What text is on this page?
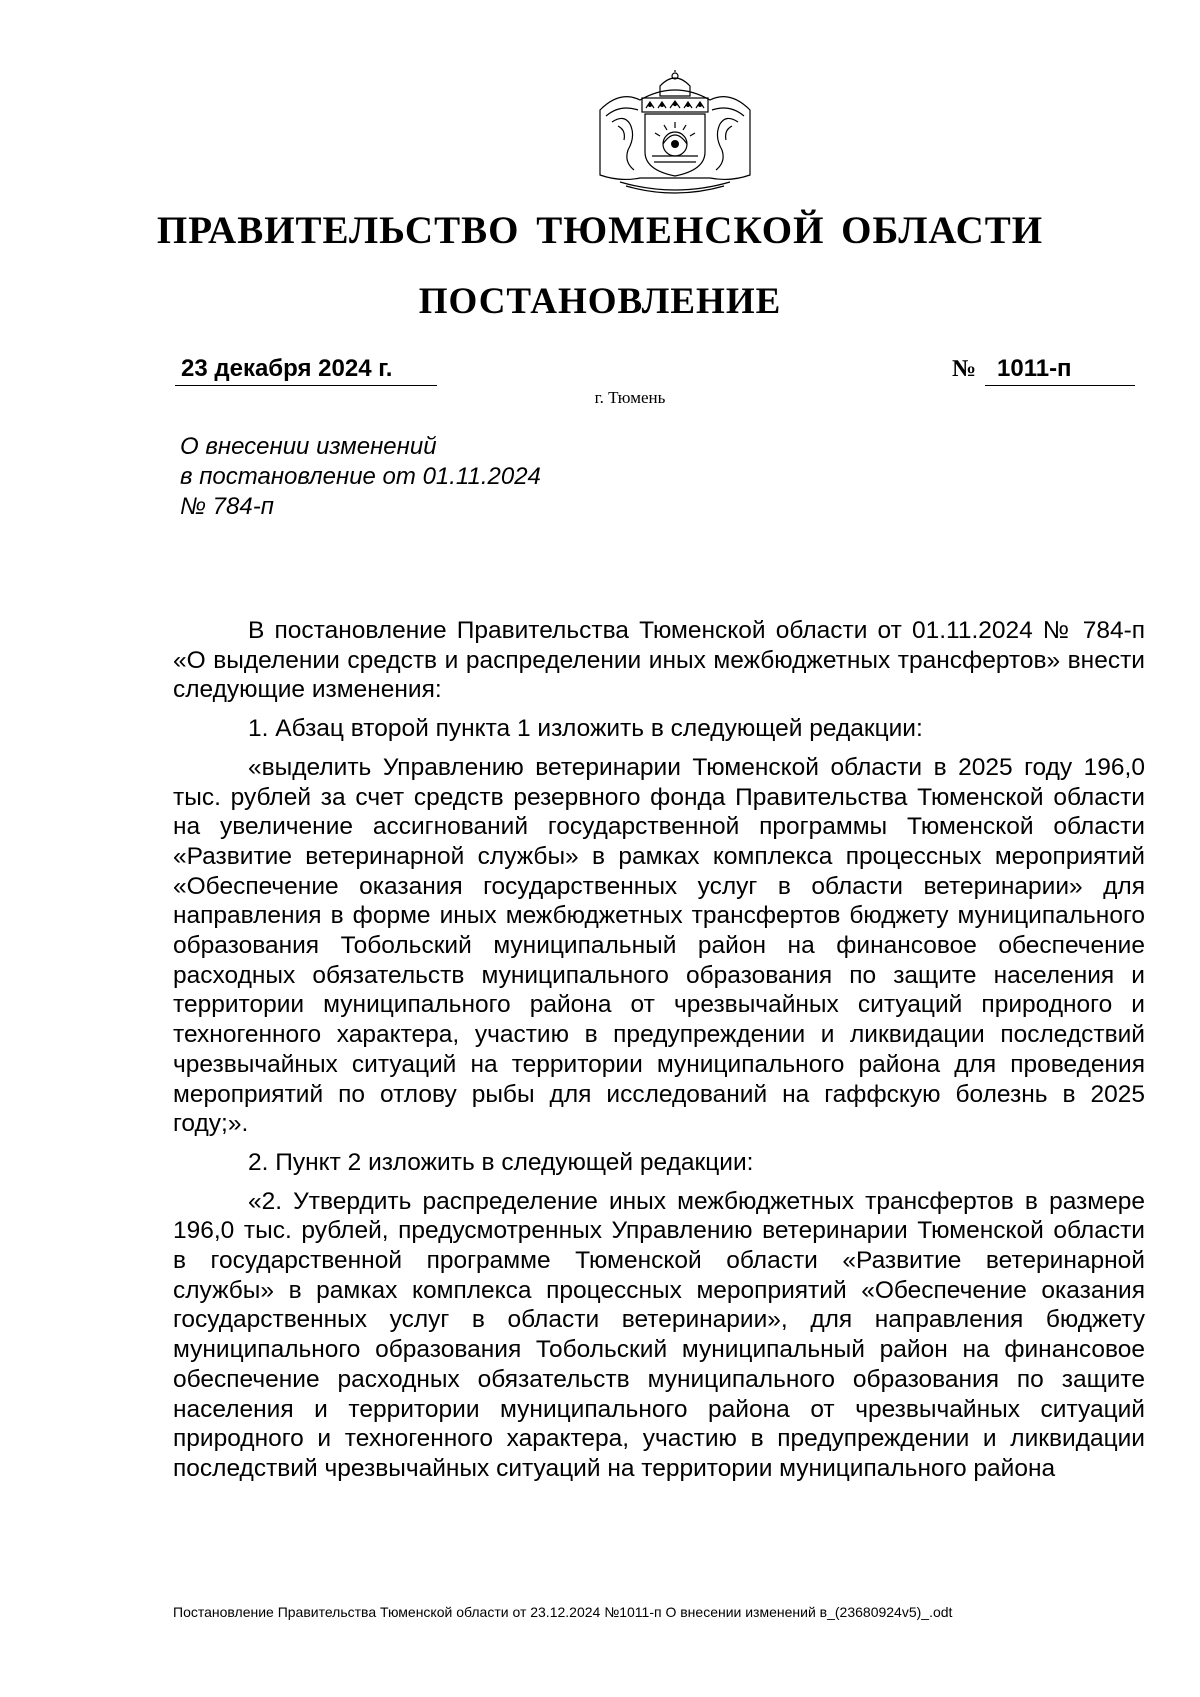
ПРАВИТЕЛЬСТВО ТЮМЕНСКОЙ ОБЛАСТИ
ПОСТАНОВЛЕНИЕ
23 декабря 2024 г.	№ 1011-п

г. Тюмень

О внесении изменений
в постановление от 01.11.2024
№ 784-п

В постановление Правительства Тюменской области от 01.11.2024 № 784-п «О выделении средств и распределении иных межбюджетных трансфертов» внести следующие изменения:

1. Абзац второй пункта 1 изложить в следующей редакции:

«выделить Управлению ветеринарии Тюменской области в 2025 году 196,0 тыс. рублей за счет средств резервного фонда Правительства Тюменской области на увеличение ассигнований государственной программы Тюменской области «Развитие ветеринарной службы» в рамках комплекса процессных мероприятий «Обеспечение оказания государственных услуг в области ветеринарии» для направления в форме иных межбюджетных трансфертов бюджету муниципального образования Тобольский муниципальный район на финансовое обеспечение расходных обязательств муниципального образования по защите населения и территории муниципального района от чрезвычайных ситуаций природного и техногенного характера, участию в предупреждении и ликвидации последствий чрезвычайных ситуаций на территории муниципального района для проведения мероприятий по отлову рыбы для исследований на гаффскую болезнь в 2025 году;».

2. Пункт 2 изложить в следующей редакции:

«2. Утвердить распределение иных межбюджетных трансфертов в размере 196,0 тыс. рублей, предусмотренных Управлению ветеринарии Тюменской области в государственной программе Тюменской области «Развитие ветеринарной службы» в рамках комплекса процессных мероприятий «Обеспечение оказания государственных услуг в области ветеринарии», для направления бюджету муниципального образования Тобольский муниципальный район на финансовое обеспечение расходных обязательств муниципального образования по защите населения и территории муниципального района от чрезвычайных ситуаций природного и техногенного характера, участию в предупреждении и ликвидации последствий чрезвычайных ситуаций на территории муниципального района

Постановление Правительства Тюменской области от 23.12.2024 №1011-п О внесении изменений в_(23680924v5)_.odt
